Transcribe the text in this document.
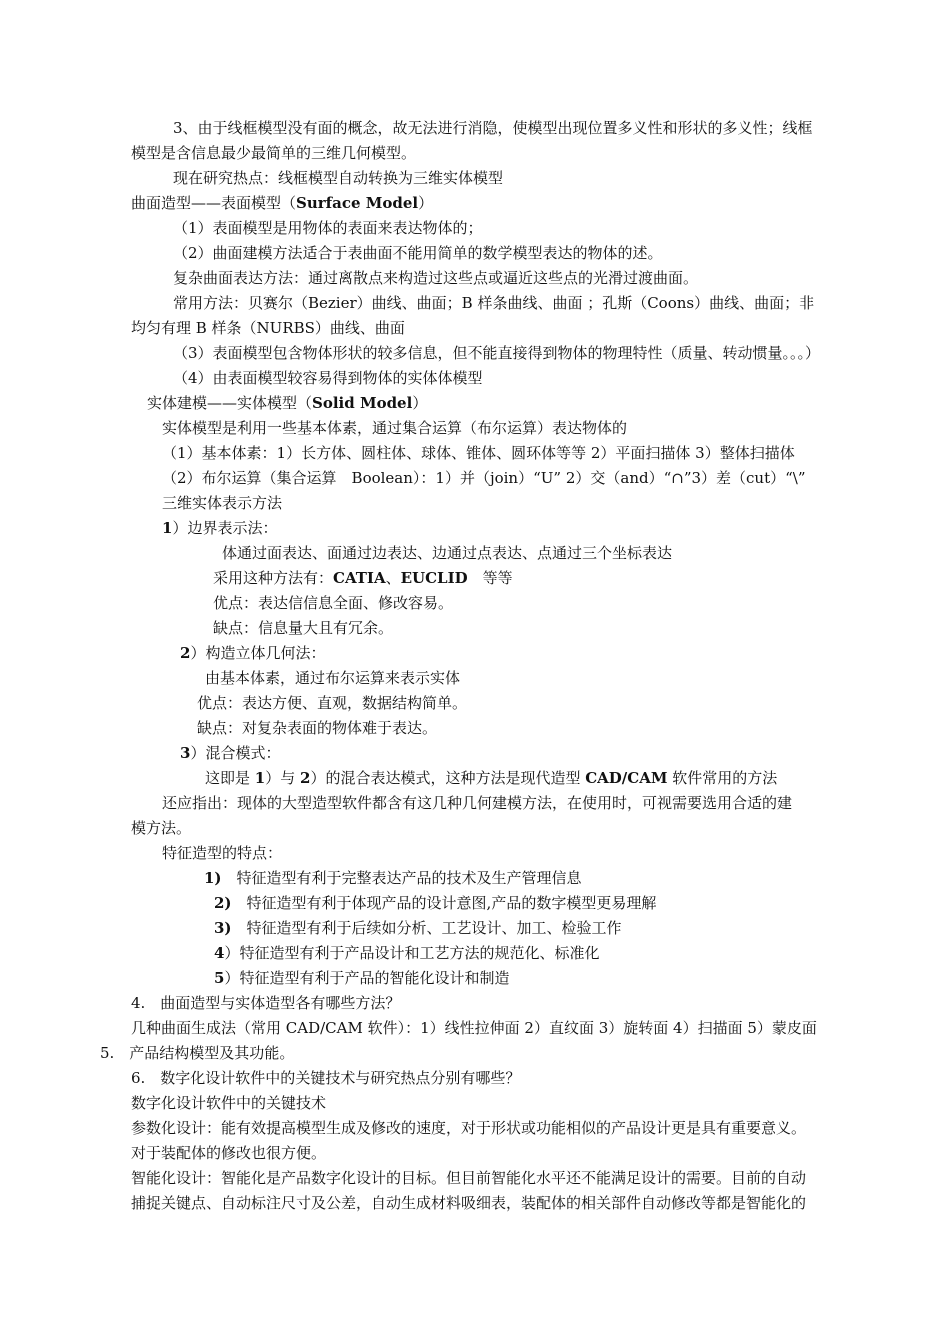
3、由于线框模型没有面的概念，故无法进行消隐，使模型出现位置多义性和形状的多义性；线框
模型是含信息最少最简单的三维几何模型。
现在研究热点：线框模型自动转换为三维实体模型
曲面造型——表面模型（Surface Model）
（1）表面模型是用物体的表面来表达物体的；
（2）曲面建模方法适合于表曲面不能用简单的数学模型表达的物体的述。
复杂曲面表达方法：通过离散点来构造过这些点或逼近这些点的光滑过渡曲面。
常用方法：贝赛尔（Bezier）曲线、曲面；B 样条曲线、曲面 ；孔斯（Coons）曲线、曲面；非
均匀有理 B 样条（NURBS）曲线、曲面
（3）表面模型包含物体形状的较多信息，但不能直接得到物体的物理特性（质量、转动惯量。。。）
（4）由表面模型较容易得到物体的实体体模型
实体建模——实体模型（Solid Model）
实体模型是利用一些基本体素，通过集合运算（布尔运算）表达物体的
（1）基本体素：1）长方体、圆柱体、球体、锥体、圆环体等等 2）平面扫描体 3）整体扫描体
（2）布尔运算（集合运算　Boolean）：1）并（join）“U” 2）交（and）“∩”3）差（cut）“\”
三维实体表示方法
1）边界表示法：
体通过面表达、面通过边表达、边通过点表达、点通过三个坐标表达
采用这种方法有：CATIA、EUCLID　等等
优点：表达信信息全面、修改容易。
缺点：信息量大且有冗余。
2）构造立体几何法：
由基本体素，通过布尔运算来表示实体
优点：表达方便、直观，数据结构简单。
缺点：对复杂表面的物体难于表达。
3）混合模式：
这即是 1）与 2）的混合表达模式，这种方法是现代造型 CAD/CAM 软件常用的方法
还应指出：现体的大型造型软件都含有这几种几何建模方法，在使用时，可视需要选用合适的建
模方法。
特征造型的特点：
1)　特征造型有利于完整表达产品的技术及生产管理信息
2)　特征造型有利于体现产品的设计意图,产品的数字模型更易理解
3)　特征造型有利于后续如分析、工艺设计、加工、检验工作
4）特征造型有利于产品设计和工艺方法的规范化、标准化
5）特征造型有利于产品的智能化设计和制造
4.　曲面造型与实体造型各有哪些方法？
几种曲面生成法（常用 CAD/CAM 软件）：1）线性拉伸面 2）直纹面 3）旋转面 4）扫描面 5）蒙皮面
5.　产品结构模型及其功能。
6.　数字化设计软件中的关键技术与研究热点分别有哪些？
数字化设计软件中的关键技术
参数化设计：能有效提高模型生成及修改的速度，对于形状或功能相似的产品设计更是具有重要意义。
对于装配体的修改也很方便。
智能化设计：智能化是产品数字化设计的目标。但目前智能化水平还不能满足设计的需要。目前的自动
捕捉关键点、自动标注尺寸及公差，自动生成材料吸细表，装配体的相关部件自动修改等都是智能化的
